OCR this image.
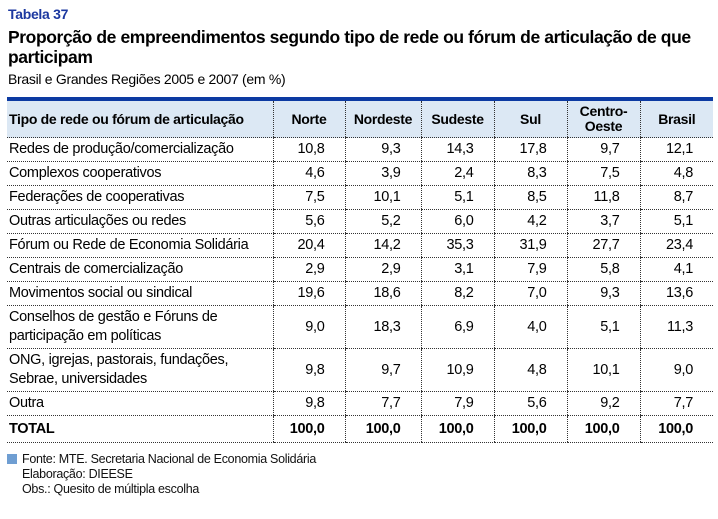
Tabela 37
Proporção de empreendimentos segundo tipo de rede ou fórum de articulação de que participam
Brasil e Grandes Regiões 2005 e 2007 (em %)
Tipo de rede ou fórum de articulação	Norte	Nordeste	Sudeste	Sul	Centro-Oeste	Brasil
Redes de produção/comercialização	10,8	9,3	14,3	17,8	9,7	12,1
Complexos cooperativos	4,6	3,9	2,4	8,3	7,5	4,8
Federações de cooperativas	7,5	10,1	5,1	8,5	11,8	8,7
Outras articulações ou redes	5,6	5,2	6,0	4,2	3,7	5,1
Fórum ou Rede de Economia Solidária	20,4	14,2	35,3	31,9	27,7	23,4
Centrais de comercialização	2,9	2,9	3,1	7,9	5,8	4,1
Movimentos social ou sindical	19,6	18,6	8,2	7,0	9,3	13,6
Conselhos de gestão e Fóruns de participação em políticas	9,0	18,3	6,9	4,0	5,1	11,3
ONG, igrejas, pastorais, fundações, Sebrae, universidades	9,8	9,7	10,9	4,8	10,1	9,0
Outra	9,8	7,7	7,9	5,6	9,2	7,7
TOTAL	100,0	100,0	100,0	100,0	100,0	100,0
Fonte: MTE. Secretaria Nacional de Economia Solidária
Elaboração: DIEESE
Obs.: Quesito de múltipla escolha
